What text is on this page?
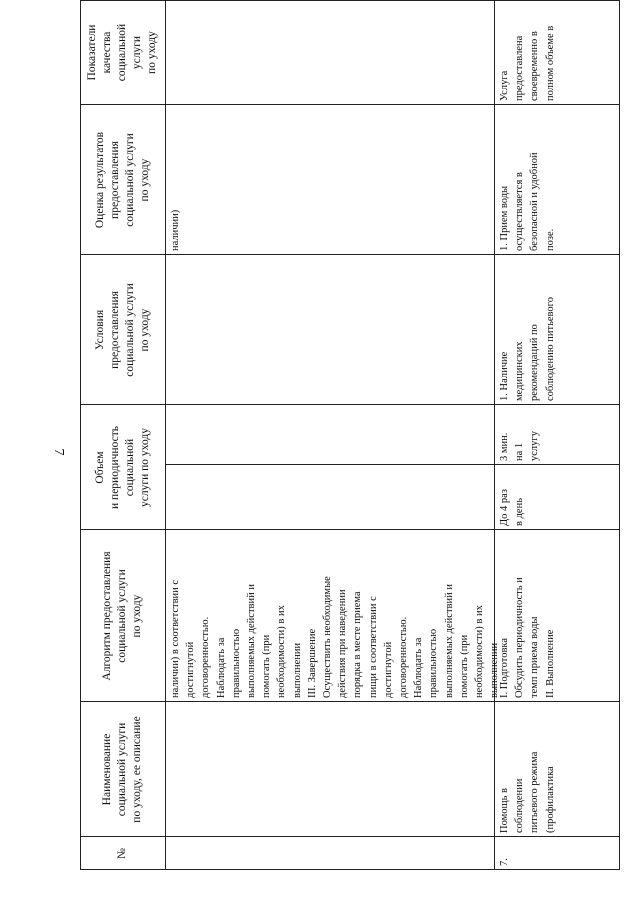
7
Наименование социальной услуги по уходу, ее описание
№
Алгоритм предоставления социальной услуги по уходу
Объем и периодичность социальной услуги по уходу
Условия предоставления социальной услуги по уходу
Оценка результатов предоставления социальной услуги по уходу
Показатели качества социальной услуги по уходу
наличии) в соответствии с достигнутой договоренностью. Наблюдать за правильностью выполняемых действий и помогать (при необходимости) в их выполнении III. Завершение Осуществить необходимые действия при наведении порядка в месте приема пищи в соответствии с достигнутой договоренностью. Наблюдать за правильностью выполняемых действий и помогать (при необходимости) в их выполнении
наличии)
7.
Помощь в соблюдении питьевого режима (профилактика
I. Подготовка Обсудить периодичность и темп приема воды II. Выполнение
До 4 раз в день
3 мин. на 1 услугу
1. Наличие медицинских рекомендаций по соблюдению питьевого
1. Прием воды осуществляется в безопасной и удобной позе.
Услуга предоставлена своевременно в полном объеме в
